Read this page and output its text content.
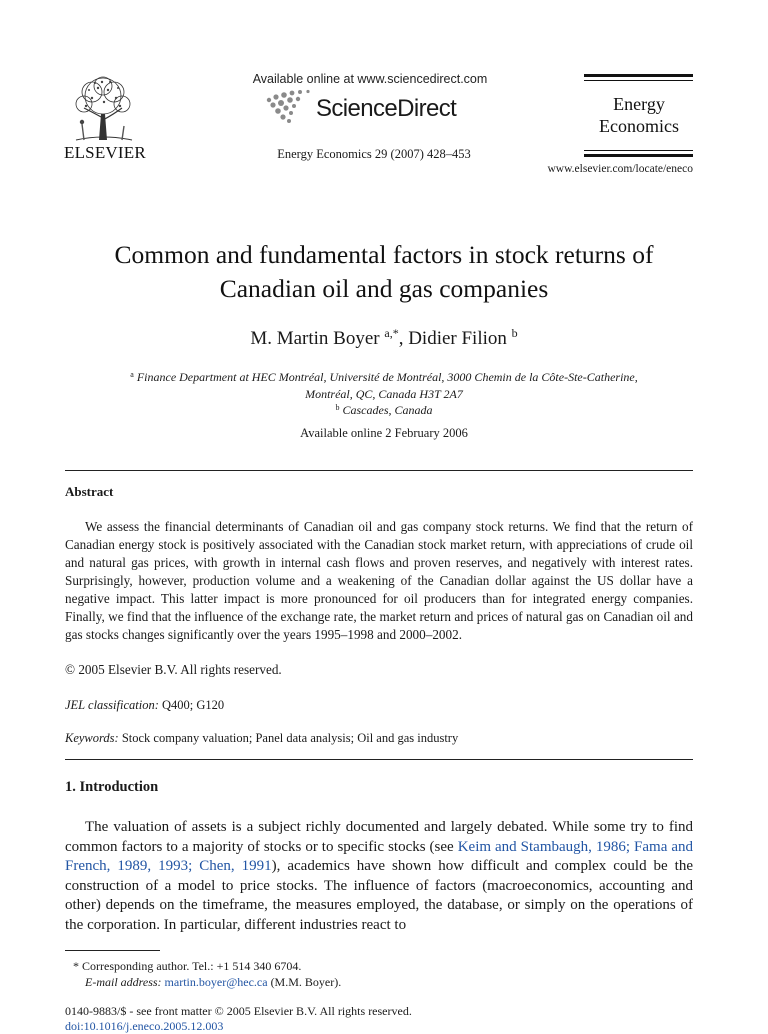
ELSEVIER
Available online at www.sciencedirect.com
ScienceDirect
Energy Economics 29 (2007) 428–453
Energy
Economics
www.elsevier.com/locate/eneco
Common and fundamental factors in stock returns of
Canadian oil and gas companies
M. Martin Boyer $^{a,*}$, Didier Filion $^b$
$^a$ Finance Department at HEC Montréal, Université de Montréal, 3000 Chemin de la Côte-Ste-Catherine,
Montréal, QC, Canada H3T 2A7
$^b$ Cascades, Canada
Available online 2 February 2006
Abstract

We assess the financial determinants of Canadian oil and gas company stock returns. We find that the return of Canadian energy stock is positively associated with the Canadian stock market return, with appreciations of crude oil and natural gas prices, with growth in internal cash flows and proven reserves, and negatively with interest rates. Surprisingly, however, production volume and a weakening of the Canadian dollar against the US dollar have a negative impact. This latter impact is more pronounced for oil producers than for integrated energy companies. Finally, we find that the influence of the exchange rate, the market return and prices of natural gas on Canadian oil and gas stocks changes significantly over the years 1995–1998 and 2000–2002.

© 2005 Elsevier B.V. All rights reserved.
JEL classification: Q400; G120
Keywords: Stock company valuation; Panel data analysis; Oil and gas industry
1. Introduction

The valuation of assets is a subject richly documented and largely debated. While some try to find common factors to a majority of stocks or to specific stocks (see Keim and Stambaugh, 1986; Fama and French, 1989, 1993; Chen, 1991), academics have shown how difficult and complex could be the construction of a model to price stocks. The influence of factors (macroeconomics, accounting and other) depends on the timeframe, the measures employed, the database, or simply on the operations of the corporation. In particular, different industries react to

* Corresponding author. Tel.: +1 514 340 6704.
E-mail address: martin.boyer@hec.ca (M.M. Boyer).
0140-9883/$ - see front matter © 2005 Elsevier B.V. All rights reserved.
doi:10.1016/j.eneco.2005.12.003
